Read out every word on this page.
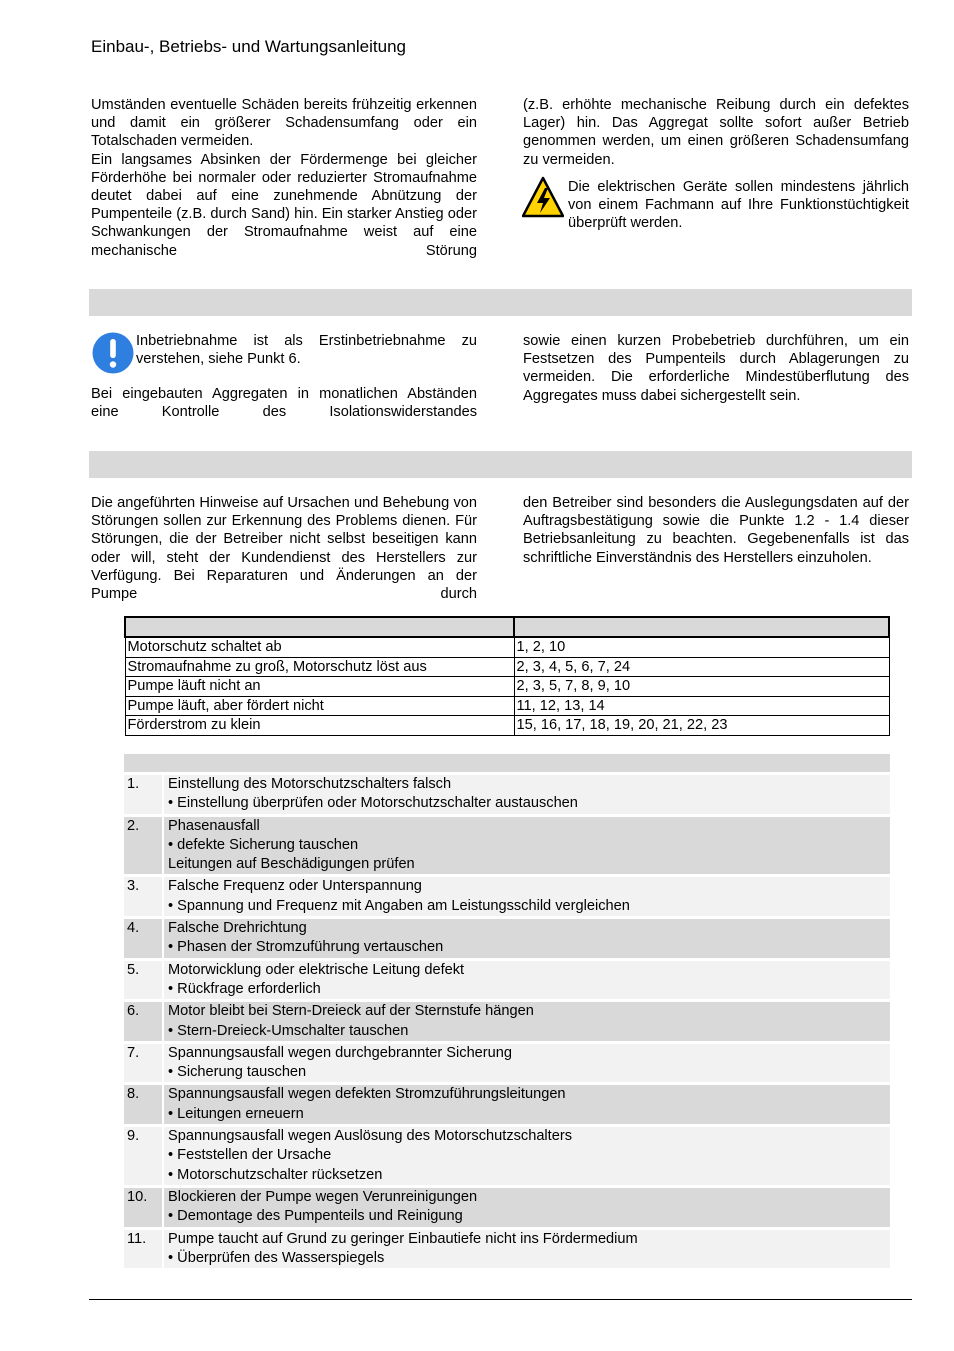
Einbau-, Betriebs- und Wartungsanleitung

Umständen eventuelle Schäden bereits frühzeitig erkennen und damit ein größerer Schadensumfang oder ein Totalschaden vermeiden.

Ein langsames Absinken der Fördermenge bei gleicher Förderhöhe bei normaler oder reduzierter Stromaufnahme deutet dabei auf eine zunehmende Abnützung der Pumpenteile (z.B. durch Sand) hin. Ein starker Anstieg oder Schwankungen der Stromaufnahme weist auf eine mechanische Störung

(z.B. erhöhte mechanische Reibung durch ein defektes Lager) hin. Das Aggregat sollte sofort außer Betrieb genommen werden, um einen größeren Schadensumfang zu vermeiden.

Die elektrischen Geräte sollen mindestens jährlich von einem Fachmann auf Ihre Funktionstüchtigkeit überprüft werden.

Inbetriebnahme ist als Erstinbetriebnahme zu verstehen, siehe Punkt 6.

Bei eingebauten Aggregaten in monatlichen Abständen eine Kontrolle des Isolationswiderstandes

sowie einen kurzen Probebetrieb durchführen, um ein Festsetzen des Pumpenteils durch Ablagerungen zu vermeiden. Die erforderliche Mindestüberflutung des Aggregates muss dabei sichergestellt sein.

Die angeführten Hinweise auf Ursachen und Behebung von Störungen sollen zur Erkennung des Problems dienen. Für Störungen, die der Betreiber nicht selbst beseitigen kann oder will, steht der Kundendienst des Herstellers zur Verfügung. Bei Reparaturen und Änderungen an der Pumpe durch

den Betreiber sind besonders die Auslegungsdaten auf der Auftragsbestätigung sowie die Punkte 1.2 - 1.4 dieser Betriebsanleitung zu beachten. Gegebenenfalls ist das schriftliche Einverständnis des Herstellers einzuholen.

Motorschutz schaltet ab	1, 2, 10
Stromaufnahme zu groß, Motorschutz löst aus	2, 3, 4, 5, 6, 7, 24
Pumpe läuft nicht an	2, 3, 5, 7, 8, 9, 10
Pumpe läuft, aber fördert nicht	11, 12, 13, 14
Förderstrom zu klein	15, 16, 17, 18, 19, 20, 21, 22, 23
1.	Einstellung des Motorschutzschalters falsch
• Einstellung überprüfen oder Motorschutzschalter austauschen
2.	Phasenausfall
• defekte Sicherung tauschen
Leitungen auf Beschädigungen prüfen
3.	Falsche Frequenz oder Unterspannung
• Spannung und Frequenz mit Angaben am Leistungsschild vergleichen
4.	Falsche Drehrichtung
• Phasen der Stromzuführung vertauschen
5.	Motorwicklung oder elektrische Leitung defekt
• Rückfrage erforderlich
6.	Motor bleibt bei Stern-Dreieck auf der Sternstufe hängen
• Stern-Dreieck-Umschalter tauschen
7.	Spannungsausfall wegen durchgebrannter Sicherung
• Sicherung tauschen
8.	Spannungsausfall wegen defekten Stromzuführungsleitungen
• Leitungen erneuern
9.	Spannungsausfall wegen Auslösung des Motorschutzschalters
• Feststellen der Ursache
• Motorschutzschalter rücksetzen
10.	Blockieren der Pumpe wegen Verunreinigungen
• Demontage des Pumpenteils und Reinigung
11.	Pumpe taucht auf Grund zu geringer Einbautiefe nicht ins Fördermedium
• Überprüfen des Wasserspiegels
